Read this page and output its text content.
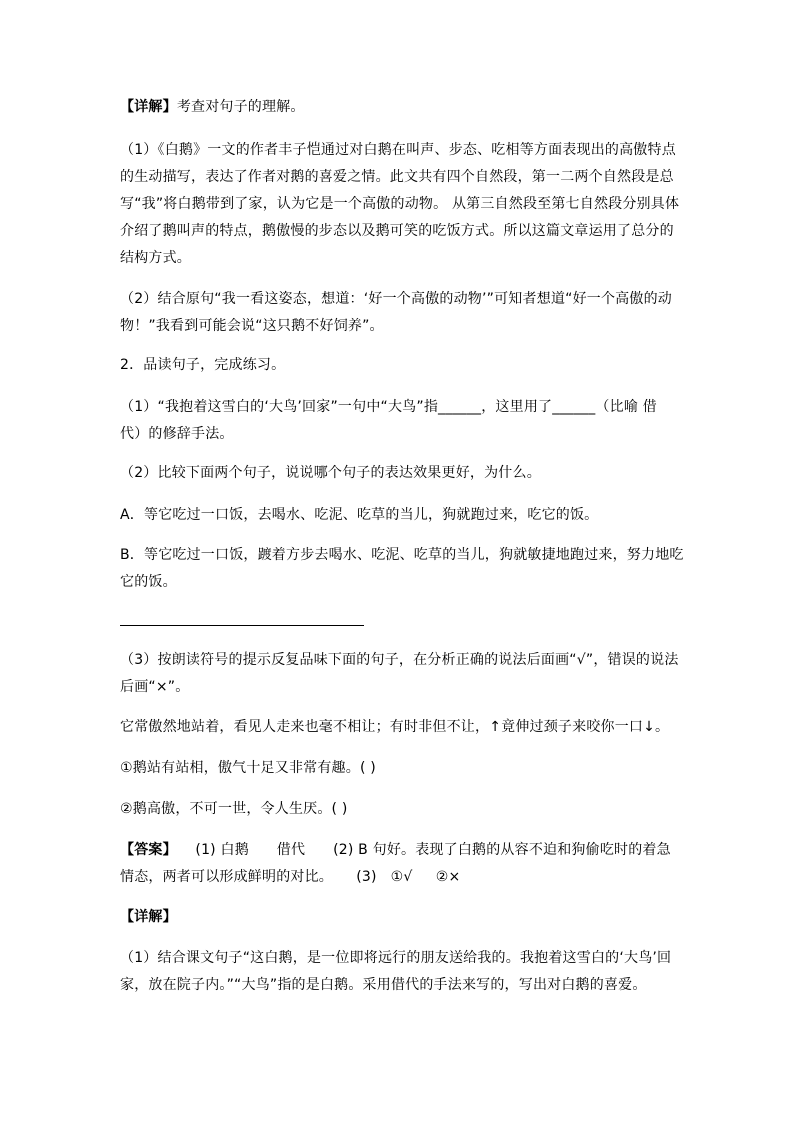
【详解】考查对句子的理解。
（1）《白鹅》一文的作者丰子恺通过对白鹅在叫声、步态、吃相等方面表现出的高傲特点
的生动描写，表达了作者对鹅的喜爱之情。此文共有四个自然段，第一二两个自然段是总
写“我”将白鹅带到了家，认为它是一个高傲的动物。 从第三自然段至第七自然段分别具体
介绍了鹅叫声的特点，鹅傲慢的步态以及鹅可笑的吃饭方式。所以这篇文章运用了总分的
结构方式。
（2）结合原句“我一看这姿态，想道：‘好一个高傲的动物’”可知者想道“好一个高傲的动
物！”我看到可能会说“这只鹅不好饲养”。
2．品读句子，完成练习。
（1）“我抱着这雪白的‘大鸟’回家”一句中“大鸟”指______，这里用了______（比喻 借
代）的修辞手法。
（2）比较下面两个句子，说说哪个句子的表达效果更好，为什么。
A．等它吃过一口饭，去喝水、吃泥、吃草的当儿，狗就跑过来，吃它的饭。
B．等它吃过一口饭，踱着方步去喝水、吃泥、吃草的当儿，狗就敏捷地跑过来，努力地吃
它的饭。
（3）按朗读符号的提示反复品味下面的句子，在分析正确的说法后面画“√”，错误的说法
后画“×”。
它常傲然地站着，看见人走来也毫不相让；有时非但不让，↑竟伸过颈子来咬你一口↓。
①鹅站有站相，傲气十足又非常有趣。( )
②鹅高傲，不可一世，令人生厌。( )
【答案】    (1) 白鹅      借代      (2) B 句好。表现了白鹅的从容不迫和狗偷吃时的着急
情态，两者可以形成鲜明的对比。     (3)   ①√     ②×
【详解】
（1）结合课文句子“这白鹅，是一位即将远行的朋友送给我的。我抱着这雪白的‘大鸟’回
家，放在院子内。”“大鸟”指的是白鹅。采用借代的手法来写的，写出对白鹅的喜爱。
